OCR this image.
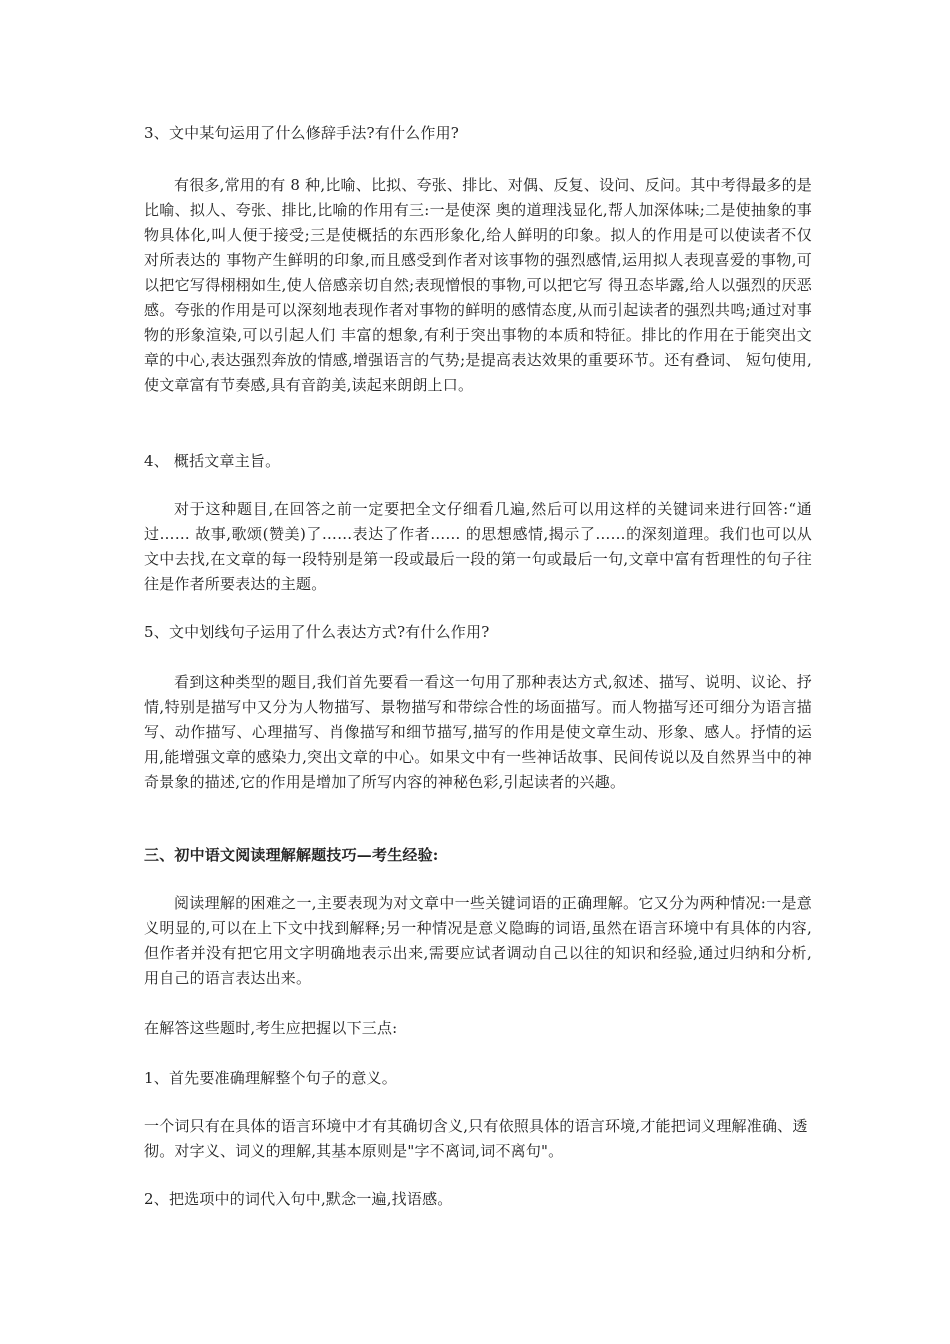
3、文中某句运用了什么修辞手法?有什么作用?
有很多,常用的有 8 种,比喻、比拟、夸张、排比、对偶、反复、设问、反问。其中考得最多的是比喻、拟人、夸张、排比,比喻的作用有三:一是使深 奥的道理浅显化,帮人加深体味;二是使抽象的事物具体化,叫人便于接受;三是使概括的东西形象化,给人鲜明的印象。拟人的作用是可以使读者不仅对所表达的 事物产生鲜明的印象,而且感受到作者对该事物的强烈感情,运用拟人表现喜爱的事物,可以把它写得栩栩如生,使人倍感亲切自然;表现憎恨的事物,可以把它写 得丑态毕露,给人以强烈的厌恶感。夸张的作用是可以深刻地表现作者对事物的鲜明的感情态度,从而引起读者的强烈共鸣;通过对事物的形象渲染,可以引起人们 丰富的想象,有利于突出事物的本质和特征。排比的作用在于能突出文章的中心,表达强烈奔放的情感,增强语言的气势;是提高表达效果的重要环节。还有叠词、 短句使用,使文章富有节奏感,具有音韵美,读起来朗朗上口。
4、 概括文章主旨。
对于这种题目,在回答之前一定要把全文仔细看几遍,然后可以用这样的关键词来进行回答:“通过…… 故事,歌颂(赞美)了……表达了作者…… 的思想感情,揭示了……的深刻道理。我们也可以从文中去找,在文章的每一段特别是第一段或最后一段的第一句或最后一句,文章中富有哲理性的句子往往是作者所要表达的主题。
5、文中划线句子运用了什么表达方式?有什么作用?
看到这种类型的题目,我们首先要看一看这一句用了那种表达方式,叙述、描写、说明、议论、抒情,特别是描写中又分为人物描写、景物描写和带综合性的场面描写。而人物描写还可细分为语言描写、动作描写、心理描写、肖像描写和细节描写,描写的作用是使文章生动、形象、感人。抒情的运用,能增强文章的感染力,突出文章的中心。如果文中有一些神话故事、民间传说以及自然界当中的神奇景象的描述,它的作用是增加了所写内容的神秘色彩,引起读者的兴趣。
三、初中语文阅读理解解题技巧—考生经验:
阅读理解的困难之一,主要表现为对文章中一些关键词语的正确理解。它又分为两种情况:一是意义明显的,可以在上下文中找到解释;另一种情况是意义隐晦的词语,虽然在语言环境中有具体的内容,但作者并没有把它用文字明确地表示出来,需要应试者调动自己以往的知识和经验,通过归纳和分析,用自己的语言表达出来。
在解答这些题时,考生应把握以下三点:
1、首先要准确理解整个句子的意义。
一个词只有在具体的语言环境中才有其确切含义,只有依照具体的语言环境,才能把词义理解准确、透彻。对字义、词义的理解,其基本原则是"字不离词,词不离句"。
2、把选项中的词代入句中,默念一遍,找语感。
